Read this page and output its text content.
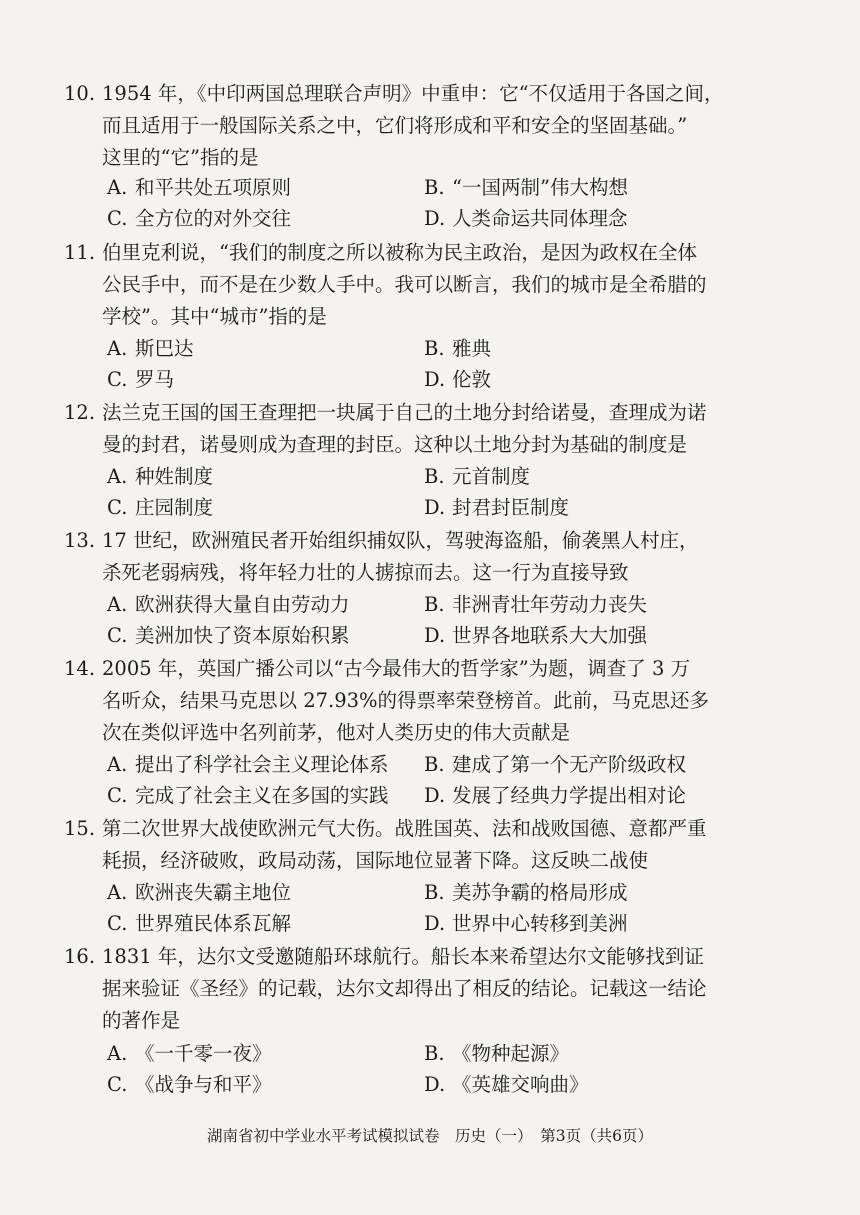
10. 1954 年，《中印两国总理联合声明》中重申：它“不仅适用于各国之间，
而且适用于一般国际关系之中，它们将形成和平和安全的坚固基础。”
这里的“它”指的是
A. 和平共处五项原则	B. “一国两制”伟大构想
C. 全方位的对外交往	D. 人类命运共同体理念
11. 伯里克利说，“我们的制度之所以被称为民主政治，是因为政权在全体
公民手中，而不是在少数人手中。我可以断言，我们的城市是全希腊的
学校”。其中“城市”指的是
A. 斯巴达	B. 雅典
C. 罗马	D. 伦敦
12. 法兰克王国的国王查理把一块属于自己的土地分封给诺曼，查理成为诺
曼的封君，诺曼则成为查理的封臣。这种以土地分封为基础的制度是
A. 种姓制度	B. 元首制度
C. 庄园制度	D. 封君封臣制度
13. 17 世纪，欧洲殖民者开始组织捕奴队，驾驶海盗船，偷袭黑人村庄，
杀死老弱病残，将年轻力壮的人掳掠而去。这一行为直接导致
A. 欧洲获得大量自由劳动力	B. 非洲青壮年劳动力丧失
C. 美洲加快了资本原始积累	D. 世界各地联系大大加强
14. 2005 年，英国广播公司以“古今最伟大的哲学家”为题，调查了 3 万
名听众，结果马克思以 27.93%的得票率荣登榜首。此前，马克思还多
次在类似评选中名列前茅，他对人类历史的伟大贡献是
A. 提出了科学社会主义理论体系 B. 建成了第一个无产阶级政权
C. 完成了社会主义在多国的实践 D. 发展了经典力学提出相对论
15. 第二次世界大战使欧洲元气大伤。战胜国英、法和战败国德、意都严重
耗损，经济破败，政局动荡，国际地位显著下降。这反映二战使
A. 欧洲丧失霸主地位	B. 美苏争霸的格局形成
C. 世界殖民体系瓦解	D. 世界中心转移到美洲
16. 1831 年，达尔文受邀随船环球航行。船长本来希望达尔文能够找到证
据来验证《圣经》的记载，达尔文却得出了相反的结论。记载这一结论
的著作是
A. 《一千零一夜》	B. 《物种起源》
C. 《战争与和平》	D. 《英雄交响曲》
湖南省初中学业水平考试模拟试卷　历史（一）　第3页（共6页）
